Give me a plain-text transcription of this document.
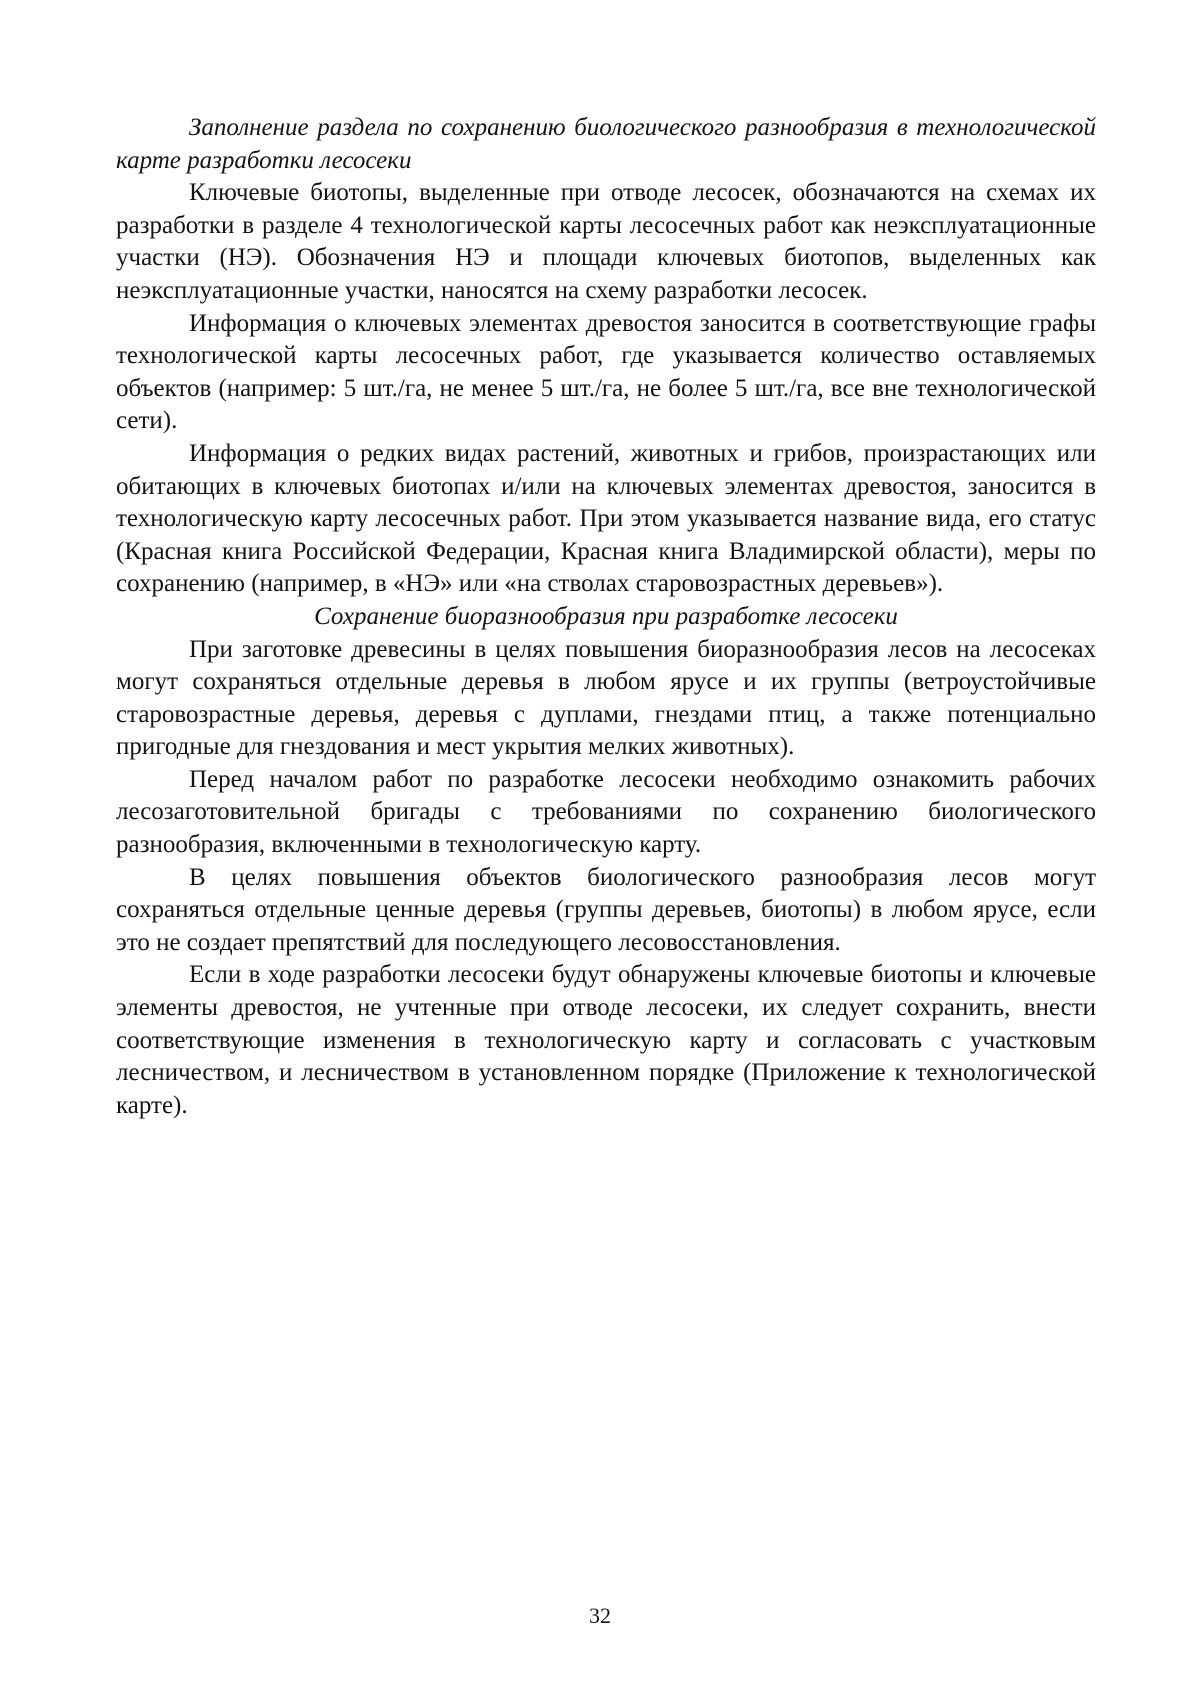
Заполнение раздела по сохранению биологического разнообразия в технологической карте разработки лесосеки

Ключевые биотопы, выделенные при отводе лесосек, обозначаются на схемах их разработки в разделе 4 технологической карты лесосечных работ как неэксплуатационные участки (НЭ). Обозначения НЭ и площади ключевых биотопов, выделенных как неэксплуатационные участки, наносятся на схему разработки лесосек.

Информация о ключевых элементах древостоя заносится в соответствующие графы технологической карты лесосечных работ, где указывается количество оставляемых объектов (например: 5 шт./га, не менее 5 шт./га, не более 5 шт./га, все вне технологической сети).

Информация о редких видах растений, животных и грибов, произрастающих или обитающих в ключевых биотопах и/или на ключевых элементах древостоя, заносится в технологическую карту лесосечных работ. При этом указывается название вида, его статус (Красная книга Российской Федерации, Красная книга Владимирской области), меры по сохранению (например, в «НЭ» или «на стволах старовозрастных деревьев»).

Сохранение биоразнообразия при разработке лесосеки

При заготовке древесины в целях повышения биоразнообразия лесов на лесосеках могут сохраняться отдельные деревья в любом ярусе и их группы (ветроустойчивые старовозрастные деревья, деревья с дуплами, гнездами птиц, а также потенциально пригодные для гнездования и мест укрытия мелких животных).

Перед началом работ по разработке лесосеки необходимо ознакомить рабочих лесозаготовительной бригады с требованиями по сохранению биологического разнообразия, включенными в технологическую карту.

В целях повышения объектов биологического разнообразия лесов могут сохраняться отдельные ценные деревья (группы деревьев, биотопы) в любом ярусе, если это не создает препятствий для последующего лесовосстановления.

Если в ходе разработки лесосеки будут обнаружены ключевые биотопы и ключевые элементы древостоя, не учтенные при отводе лесосеки, их следует сохранить, внести соответствующие изменения в технологическую карту и согласовать с участковым лесничеством, и лесничеством в установленном порядке (Приложение к технологической карте).

32
